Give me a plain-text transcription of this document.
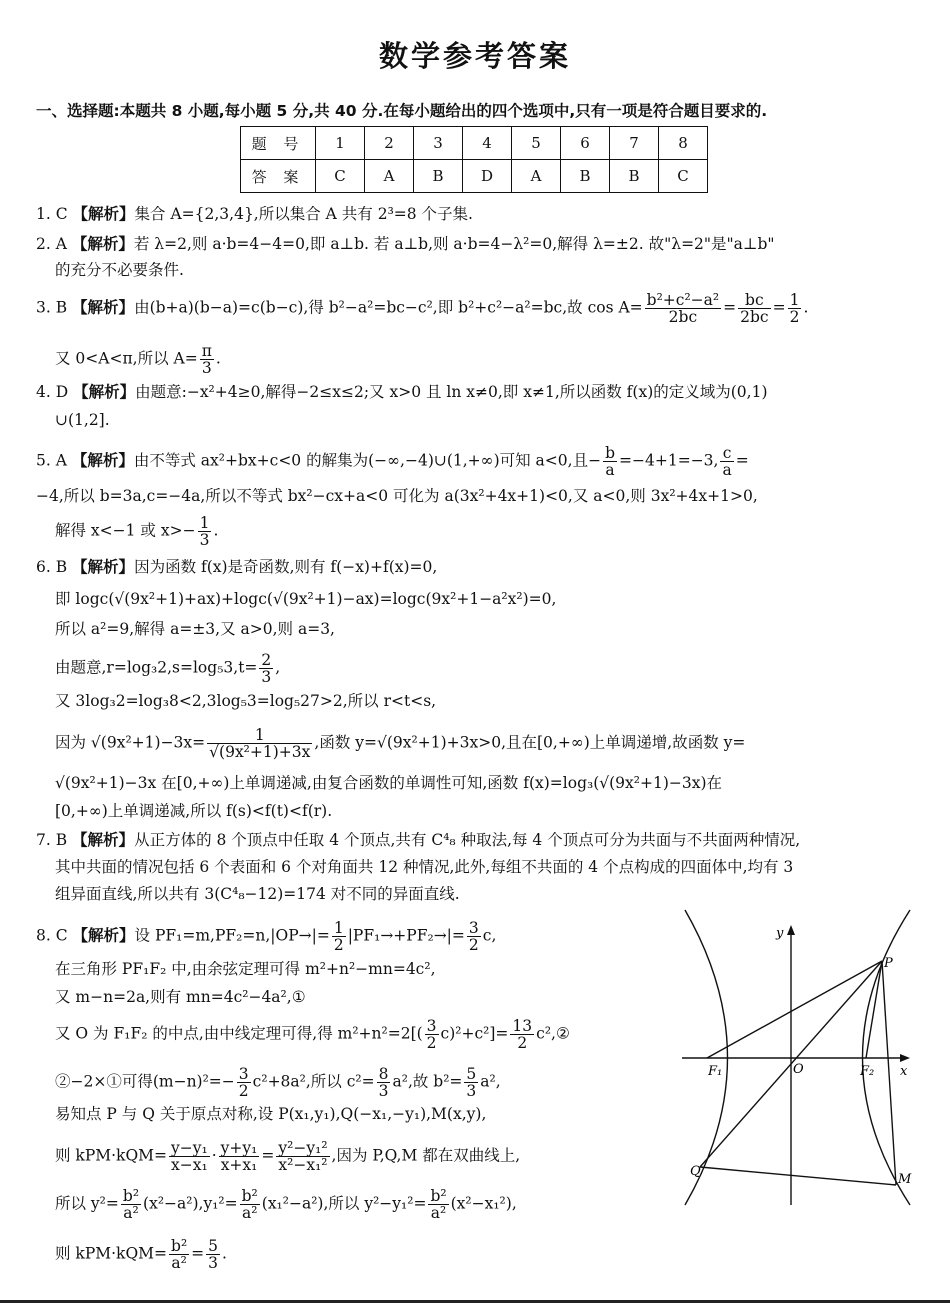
数学参考答案
一、选择题:本题共 8 小题,每小题 5 分,共 40 分.在每小题给出的四个选项中,只有一项是符合题目要求的.
题 号	1	2	3	4	5	6	7	8
答 案	C	A	B	D	A	B	B	C
1. C 【解析】集合 A={2,3,4},所以集合 A 共有 2³=8 个子集.
2. A 【解析】若 λ=2,则 a·b=4−4=0,即 a⊥b. 若 a⊥b,则 a·b=4−λ²=0,解得 λ=±2. 故"λ=2"是"a⊥b"
的充分不必要条件.
3. B 【解析】由(b+a)(b−a)=c(b−c),得 b²−a²=bc−c²,即 b²+c²−a²=bc,故 $\cos A= \frac{\text{b²+c²−a²}}{2bc} = \frac{bc}{2bc} = \frac{1}{2}$ .
又 0<A<π,所以 $A= \frac{\pi}{3}$ .
4. D 【解析】由题意:−x²+4≥0,解得−2≤x≤2;又 x>0 且 ln x≠0,即 x≠1,所以函数 f(x)的定义域为(0,1)
∪(1,2].
5. A 【解析】由不等式 ax²+bx+c<0 的解集为(−∞,−4)∪(1,+∞)可知 a<0,且− $\frac{b}{a} =-4+1=-3$, $\frac{c}{a}$ =
−4,所以 b=3a,c=−4a,所以不等式 bx²−cx+a<0 可化为 a(3x²+4x+1)<0,又 a<0,则 3x²+4x+1>0,
解得 x<−1 或 $x>- \frac{1}{3}$ .
6. B 【解析】因为函数 f(x)是奇函数,则有 f(−x)+f(x)=0,
即 logc(√(9x²+1)+ax)+logc(√(9x²+1)−ax)=logc(9x²+1−a²x²)=0,
所以 a²=9,解得 a=±3,又 a>0,则 a=3,
由题意$,r=\log_32,s=\log_53,t= \frac{2}{3}$ ,
又 3log₃2=log₃8<2,3log₅3=log₅27>2,所以 r<t<s,
因为 $√(9x^2+1)-3x= \frac{1}{\text{√(9x²+1)+3x}}$ ,函数 y=√(9x²+1)+3x>0,且在[0,+∞)上单调递增,故函数 y=
√(9x²+1)−3x 在[0,+∞)上单调递减,由复合函数的单调性可知,函数 f(x)=log₃(√(9x²+1)−3x)在
[0,+∞)上单调递减,所以 f(s)<f(t)<f(r).
7. B 【解析】从正方体的 8 个顶点中任取 4 个顶点,共有 C⁴₈ 种取法,每 4 个顶点可分为共面与不共面两种情况,
其中共面的情况包括 6 个表面和 6 个对角面共 12 种情况,此外,每组不共面的 4 个点构成的四面体中,均有 3
组异面直线,所以共有 3(C⁴₈−12)=174 对不同的异面直线.
8. C 【解析】设 $PF_1=m,PF_2=n,|OP\to|= \frac{1}{2} |PF_1\to+PF_2\to|= \frac{3}{2} c$,
在三角形 PF₁F₂ 中,由余弦定理可得 m²+n²−mn=4c²,
又 m−n=2a,则有 mn=4c²−4a²,①
又 O 为 F₁F₂ 的中点,由中线定理可得,得 $m^2+n^2=2[( \frac{3}{2} c)^2+c^2]= \frac{13}{2}$ c²,②
②−2×①可得$(m-n)^2=- \frac{3}{2} c^2+8a^2$,所以 $c^2= \frac{8}{3} a^2$,故 $b^2= \frac{5}{3} a^2$,
易知点 P 与 Q 关于原点对称,设 P(x₁,y₁),Q(−x₁,−y₁),M(x,y),
则 $kPM\cdot kQM= \frac{\text{y−y₁}}{\text{x−x₁}} \cdot \frac{\text{y+y₁}}{\text{x+x₁}} = \frac{\text{y²−y₁²}}{\text{x²−x₁²}}$ ,因为 P,Q,M 都在双曲线上,
所以 $y^2= \frac{\text{b²}}{\text{a²}} (x^2-a^2),y_1^2= \frac{\text{b²}}{\text{a²}} (x_1^2-a^2)$,所以 $y^2-y_1^2= \frac{\text{b²}}{\text{a²}} (x^2-x_1^2)$,
则 $kPM\cdot kQM= \frac{\text{b²}}{\text{a²}} = \frac{5}{3}$ .
y
x
O
F₁	F₂
P
Q
M
